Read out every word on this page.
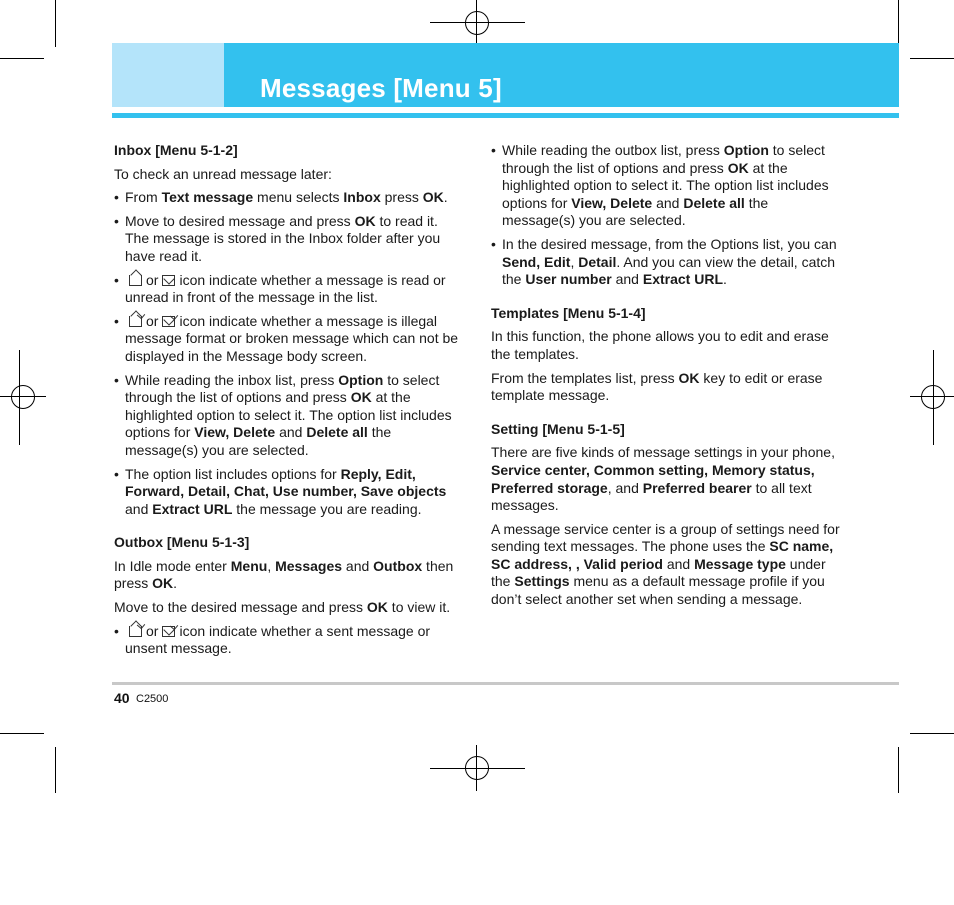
Messages [Menu 5]
Inbox [Menu 5-1-2]

To check an unread message later:

• From Text message menu selects Inbox press OK.
• Move to desired message and press OK to read it. The message is stored in the Inbox folder after you have read it.
• or icon indicate whether a message is read or unread in front of the message in the list.
• or icon indicate whether a message is illegal message format or broken message which can not be displayed in the Message body screen.
• While reading the inbox list, press Option to select through the list of options and press OK at the highlighted option to select it. The option list includes options for View, Delete and Delete all the message(s) you are selected.
• The option list includes options for Reply, Edit, Forward, Detail, Chat, Use number, Save objects and Extract URL the message you are reading.
Outbox [Menu 5-1-3]

In Idle mode enter Menu, Messages and Outbox then press OK.

Move to the desired message and press OK to view it.

• or icon indicate whether a sent message or unsent message.
• While reading the outbox list, press Option to select through the list of options and press OK at the highlighted option to select it. The option list includes options for View, Delete and Delete all the message(s) you are selected.
• In the desired message, from the Options list, you can Send, Edit, Detail. And you can view the detail, catch the User number and Extract URL.
Templates [Menu 5-1-4]

In this function, the phone allows you to edit and erase the templates.

From the templates list, press OK key to edit or erase template message.

Setting [Menu 5-1-5]

There are five kinds of message settings in your phone, Service center, Common setting, Memory status, Preferred storage, and Preferred bearer to all text messages.

A message service center is a group of settings need for sending text messages. The phone uses the SC name, SC address, , Valid period and Message type under the Settings menu as a default message profile if you don’t select another set when sending a message.

40 C2500
